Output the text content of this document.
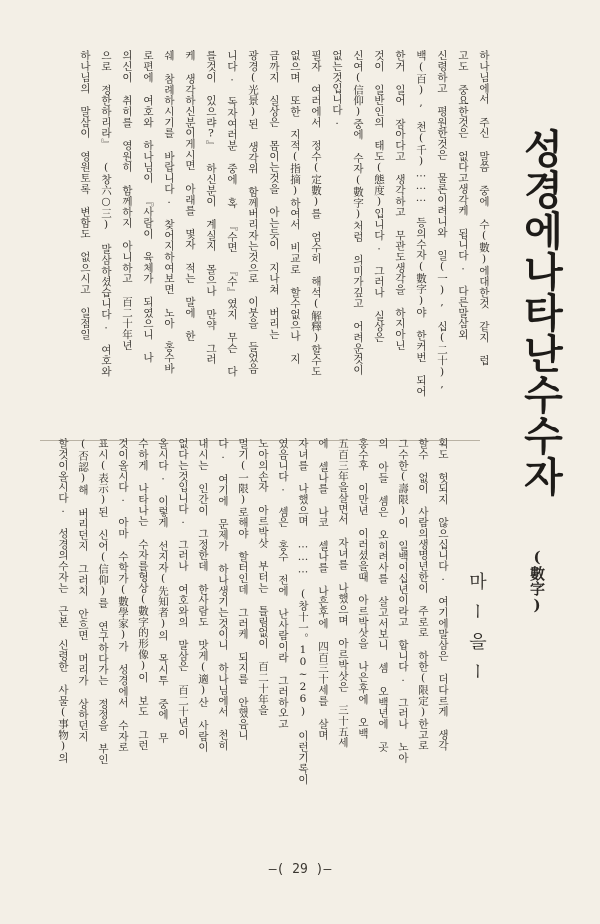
성경에나타난수수자
(數字)
마ー을ー
하나님에서 주신 말씀 중에 수(數)에대한것 같지 럽
고도 중요한것은 없다고생각케 됩니다. 다른말삼외
신령하고 평원한것은 물론이려니와 일(一), 십(二十),
백(百), 천(千)……… 등의수자(數字)야 한커번 되어
한거 일어 잠아다고 생각하고 무관도생각을 하지아닌
것이 일반인의 태도(態度)입니다. 그러나 실상은
신여(信仰)중에 수자(數字)처럼 의미가깊고 어려운것이
없는것입니다.
필자 여러에서 정수(定數)를 엄수히 해석(解釋)할수도
없으며 또한 지적(指摘)하여서 비교로 할수없으나 지
금까지 실상은 몸이는것을 아는듯이 지나쳐 버리는
광경(光景)된 생각위 함께버리자는것으로 이붓을 들었음
니다. 독자여러분 중에 혹 『수면 『수』였지 무슨 다
를것이 있으랴?』 하신분이 계실지 몰으나 만약 그러
케 생각하신분이게시면 아래를 몇자 적는 말에 한
쉐 참례하시기를 바랍니다. 찾어지하여보면 노아 홍수바
로편에 여호와 하나님이 『사람이 육체가 되였으니 나
의신이 취히를 영원히 함께하지 아니하고 百二十年년
으로 정한하리라』 (창六○三) 말삼하셨습니다. 여호와
하나님의 말삼이 영원토록 변함도 없으시고 일점일
획도 헛되지 않으십니다. 여기에말삼은 더다르게 생각
할수 없이 사람의생명년한이 주로로 하한(限定)한고로
그수한(壽限)이 일백이십년이라고 합니다. 그러나 노아
의 아들 셈은 오히려사를 살고서보니 셈 오백년에 곳
홍수후 이만년 이러셨을때 아르박삿을 나은후에 오백
五百三年을살면서 자녀를 나했으며 아르박삿은 三十五세
에 셀나를 나코 셀나를 나흔후에 四百三十세를 살며
자녀를 나했으며 ……… (창十一。10~26) 이런기록이
였음니다. 셈은 홍수 전에 난사람이라 그러하오고
노아의손자 아르박삿 부터는 틀림없이 百二十年을
멀기(一限)로해야 할터인데 그러케 되지를 안했음니
다. 여기에 문제가 하나생기는것이니 하나님에서 천히
내시는 인간이 그정한데 한사람도 맛게(適)산 사람이
없다는것입니다. 그러나 여호와의 말삼은 百二十년이
올시다. 이렇게 선지자(先知者)의 목시투 중에 무
수하게 나타나는 수자를형상(數字的形像)이 보도 그런
것이올시다. 아마 수학가(數學家)가 성경에서 수자로
표시(表示)된 신어(信仰)를 연구하다가는 정정을 부인
(否認)해 버리던지 그러치 안흐면 머리가 상하던지
할것이올시다. 성경의수자는 근본 신령한 사물(事物)의
—( 29 )—
